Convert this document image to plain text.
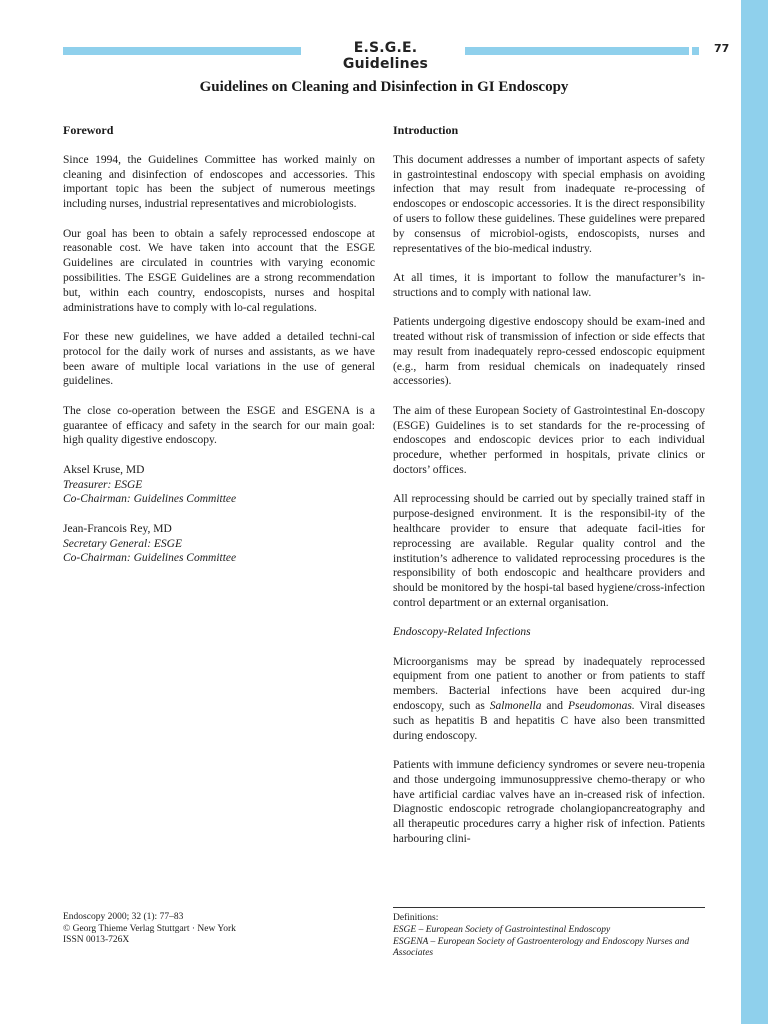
E.S.G.E. Guidelines
77
Guidelines on Cleaning and Disinfection in GI Endoscopy
Foreword

Since 1994, the Guidelines Committee has worked mainly on cleaning and disinfection of endoscopes and accessories. This important topic has been the subject of numerous meetings including nurses, industrial representatives and microbiologists.

Our goal has been to obtain a safely reprocessed endoscope at reasonable cost. We have taken into account that the ESGE Guidelines are circulated in countries with varying economic possibilities. The ESGE Guidelines are a strong recommendation but, within each country, endoscopists, nurses and hospital administrations have to comply with lo-cal regulations.

For these new guidelines, we have added a detailed techni-cal protocol for the daily work of nurses and assistants, as we have been aware of multiple local variations in the use of general guidelines.

The close co-operation between the ESGE and ESGENA is a guarantee of efficacy and safety in the search for our main goal: high quality digestive endoscopy.

Aksel Kruse, MD
Treasurer: ESGE
Co-Chairman: Guidelines Committee

Jean-Francois Rey, MD
Secretary General: ESGE
Co-Chairman: Guidelines Committee

Introduction

This document addresses a number of important aspects of safety in gastrointestinal endoscopy with special emphasis on avoiding infection that may result from inadequate re-processing of endoscopes or endoscopic accessories. It is the direct responsibility of users to follow these guidelines. These guidelines were prepared by consensus of microbiol-ogists, endoscopists, nurses and representatives of the bio-medical industry.

At all times, it is important to follow the manufacturer’s in-structions and to comply with national law.

Patients undergoing digestive endoscopy should be exam-ined and treated without risk of transmission of infection or side effects that may result from inadequately repro-cessed endoscopic equipment (e.g., harm from residual chemicals on inadequately rinsed accessories).

The aim of these European Society of Gastrointestinal En-doscopy (ESGE) Guidelines is to set standards for the re-processing of endoscopes and endoscopic devices prior to each individual procedure, whether performed in hospitals, private clinics or doctors’ offices.

All reprocessing should be carried out by specially trained staff in purpose-designed environment. It is the responsibil-ity of the healthcare provider to ensure that adequate facil-ities for reprocessing are available. Regular quality control and the institution’s adherence to validated reprocessing procedures is the responsibility of both endoscopic and healthcare providers and should be monitored by the hospi-tal based hygiene/cross-infection control department or an external organisation.

Endoscopy-Related Infections

Microorganisms may be spread by inadequately reprocessed equipment from one patient to another or from patients to staff members. Bacterial infections have been acquired dur-ing endoscopy, such as Salmonella and Pseudomonas. Viral diseases such as hepatitis B and hepatitis C have also been transmitted during endoscopy.

Patients with immune deficiency syndromes or severe neu-tropenia and those undergoing immunosuppressive chemo-therapy or who have artificial cardiac valves have an in-creased risk of infection. Diagnostic endoscopic retrograde cholangiopancreatography and all therapeutic procedures carry a higher risk of infection. Patients harbouring clini-

Endoscopy 2000; 32 (1): 77–83
© Georg Thieme Verlag Stuttgart · New York
ISSN 0013-726X
Definitions:
ESGE – European Society of Gastrointestinal Endoscopy
ESGENA – European Society of Gastroenterology and Endoscopy Nurses and Associates
